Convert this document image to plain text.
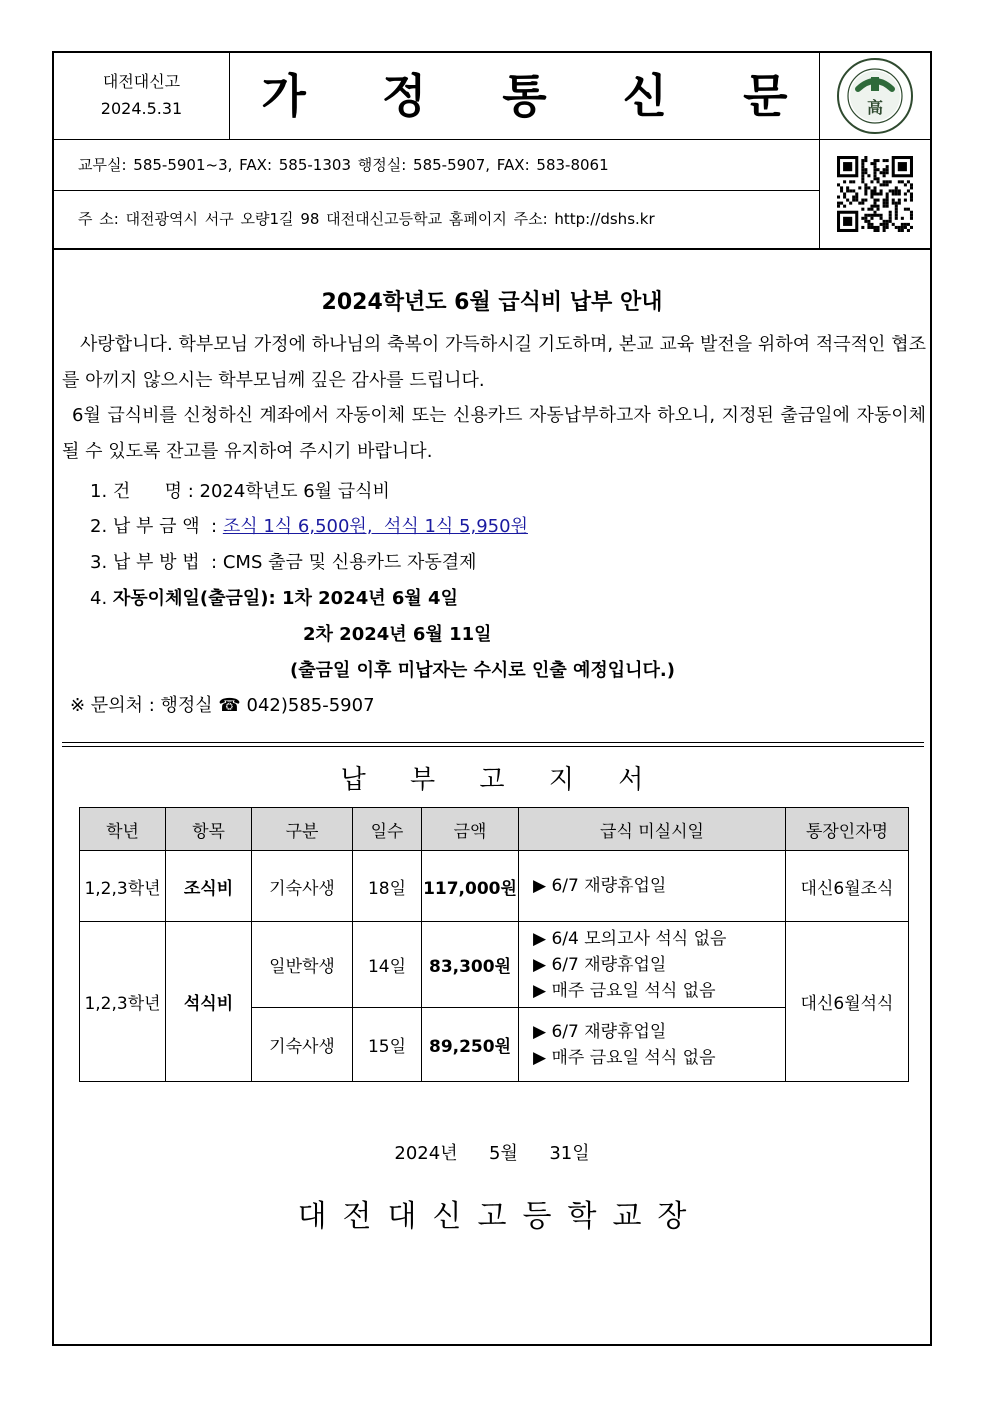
대전대신고
2024.5.31	가 정 통 신 문	高
교무실: 585-5901~3, FAX: 585-1303 행정실: 585-5907, FAX: 583-8061
주 소: 대전광역시 서구 오량1길 98 대전대신고등학교 홈페이지 주소: http://dshs.kr
2024학년도 6월 급식비 납부 안내
사랑합니다. 학부모님 가정에 하나님의 축복이 가득하시길 기도하며, 본교 교육 발전을 위하여 적극적인 협조를 아끼지 않으시는 학부모님께 깊은 감사를 드립니다.
6월 급식비를 신청하신 계좌에서 자동이체 또는 신용카드 자동납부하고자 하오니, 지정된 출금일에 자동이체될 수 있도록 잔고를 유지하여 주시기 바랍니다.
1. 건      명 : 2024학년도 6월 급식비
2. 납 부 금 액  : 조식 1식 6,500원,  석식 1식 5,950원
3. 납 부 방 법  : CMS 출금 및 신용카드 자동결제
4. 자동이체일(출금일): 1차 2024년 6월 4일
2차 2024년 6월 11일
(출금일 이후 미납자는 수시로 인출 예정입니다.)
※ 문의처 : 행정실 ☎ 042)585-5907
납 부 고 지 서
학년	항목	구분	일수	금액	급식 미실시일	통장인자명
1,2,3학년	조식비	기숙사생	18일	117,000원	▶ 6/7 재량휴업일	대신6월조식
1,2,3학년	석식비	일반학생	14일	83,300원	▶ 6/4 모의고사 석식 없음
▶ 6/7 재량휴업일
▶ 매주 금요일 석식 없음	대신6월석식
		기숙사생	15일	89,250원	▶ 6/7 재량휴업일
▶ 매주 금요일 석식 없음	
2024년  5월  31일
대전대신고등학교장
